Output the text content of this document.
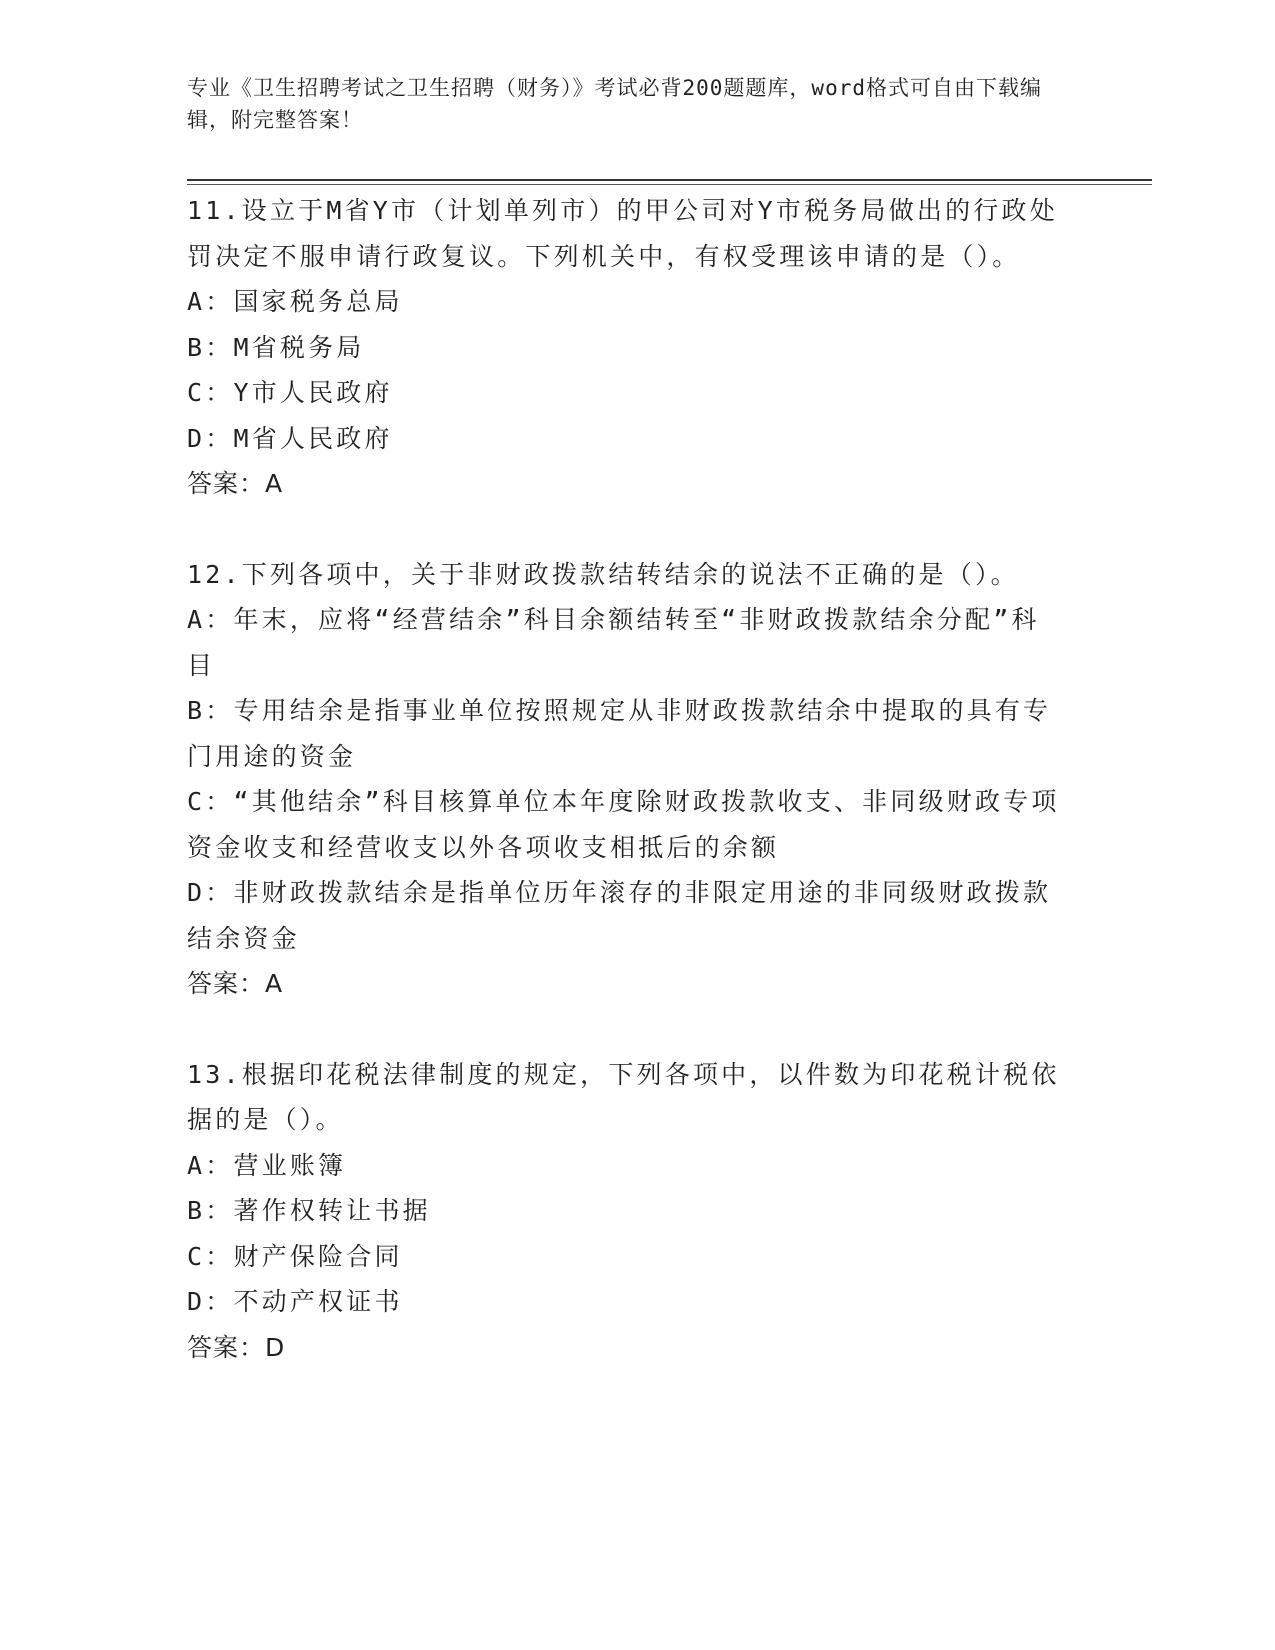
专业《卫生招聘考试之卫生招聘（财务）》考试必背200题题库，word格式可自由下载编辑，附完整答案！

11.设立于M省Y市（计划单列市）的甲公司对Y市税务局做出的行政处罚决定不服申请行政复议。下列机关中，有权受理该申请的是（）。

A：国家税务总局

B：M省税务局

C：Y市人民政府

D：M省人民政府

答案：A

12.下列各项中，关于非财政拨款结转结余的说法不正确的是（）。

A：年末，应将“经营结余”科目余额结转至“非财政拨款结余分配”科目

B：专用结余是指事业单位按照规定从非财政拨款结余中提取的具有专门用途的资金

C：“其他结余”科目核算单位本年度除财政拨款收支、非同级财政专项资金收支和经营收支以外各项收支相抵后的余额

D：非财政拨款结余是指单位历年滚存的非限定用途的非同级财政拨款结余资金

答案：A

13.根据印花税法律制度的规定，下列各项中，以件数为印花税计税依据的是（）。

A：营业账簿

B：著作权转让书据

C：财产保险合同

D：不动产权证书

答案：D
